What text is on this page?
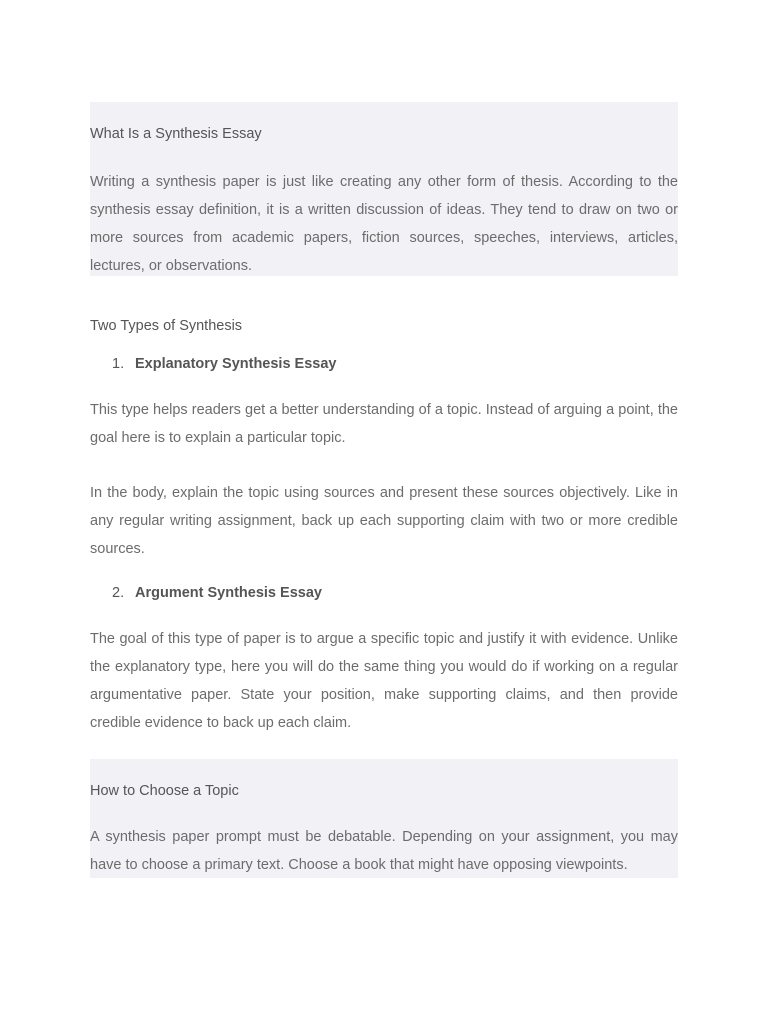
What Is a Synthesis Essay

Writing a synthesis paper is just like creating any other form of thesis. According to the synthesis essay definition, it is a written discussion of ideas. They tend to draw on two or more sources from academic papers, fiction sources, speeches, interviews, articles, lectures, or observations.

Two Types of Synthesis

1. Explanatory Synthesis Essay

This type helps readers get a better understanding of a topic. Instead of arguing a point, the goal here is to explain a particular topic.

In the body, explain the topic using sources and present these sources objectively. Like in any regular writing assignment, back up each supporting claim with two or more credible sources.

2. Argument Synthesis Essay

The goal of this type of paper is to argue a specific topic and justify it with evidence. Unlike the explanatory type, here you will do the same thing you would do if working on a regular argumentative paper. State your position, make supporting claims, and then provide credible evidence to back up each claim.

How to Choose a Topic

A synthesis paper prompt must be debatable. Depending on your assignment, you may have to choose a primary text. Choose a book that might have opposing viewpoints.
